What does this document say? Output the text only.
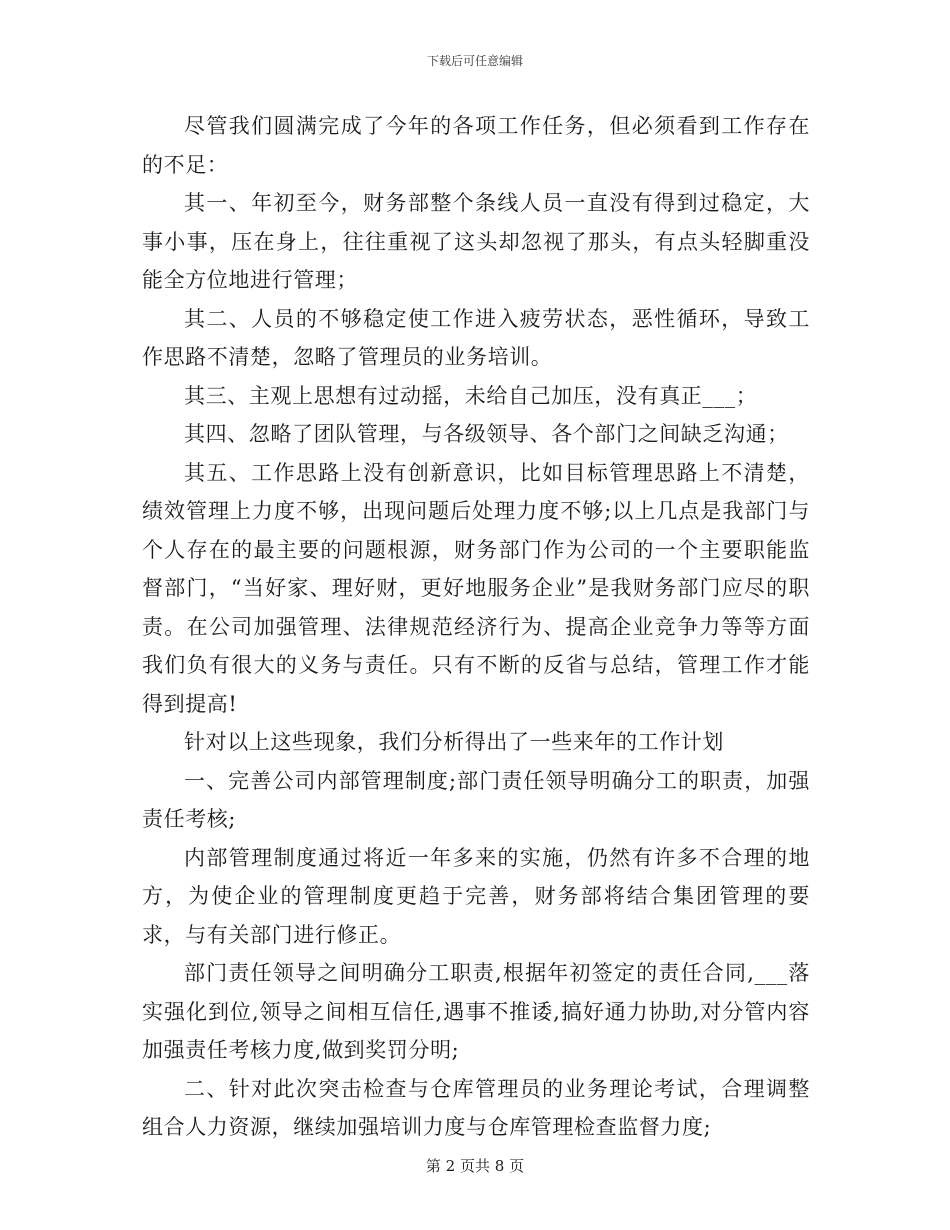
下载后可任意编辑

尽管我们圆满完成了今年的各项工作任务，但必须看到工作存在的不足：

其一、年初至今，财务部整个条线人员一直没有得到过稳定，大事小事，压在身上，往往重视了这头却忽视了那头，有点头轻脚重没能全方位地进行管理；

其二、人员的不够稳定使工作进入疲劳状态，恶性循环，导致工作思路不清楚，忽略了管理员的业务培训。

其三、主观上思想有过动摇，未给自己加压，没有真正___；

其四、忽略了团队管理，与各级领导、各个部门之间缺乏沟通；

其五、工作思路上没有创新意识，比如目标管理思路上不清楚，绩效管理上力度不够，出现问题后处理力度不够;以上几点是我部门与个人存在的最主要的问题根源，财务部门作为公司的一个主要职能监督部门，“当好家、理好财，更好地服务企业”是我财务部门应尽的职责。在公司加强管理、法律规范经济行为、提高企业竞争力等等方面我们负有很大的义务与责任。只有不断的反省与总结，管理工作才能得到提高!

针对以上这些现象，我们分析得出了一些来年的工作计划

一、完善公司内部管理制度;部门责任领导明确分工的职责，加强责任考核;

内部管理制度通过将近一年多来的实施，仍然有许多不合理的地方，为使企业的管理制度更趋于完善，财务部将结合集团管理的要求，与有关部门进行修正。

部门责任领导之间明确分工职责,根据年初签定的责任合同,___落实强化到位,领导之间相互信任,遇事不推诿,搞好通力协助,对分管内容加强责任考核力度,做到奖罚分明;

二、针对此次突击检查与仓库管理员的业务理论考试，合理调整组合人力资源，继续加强培训力度与仓库管理检查监督力度;

第 2 页共 8 页
